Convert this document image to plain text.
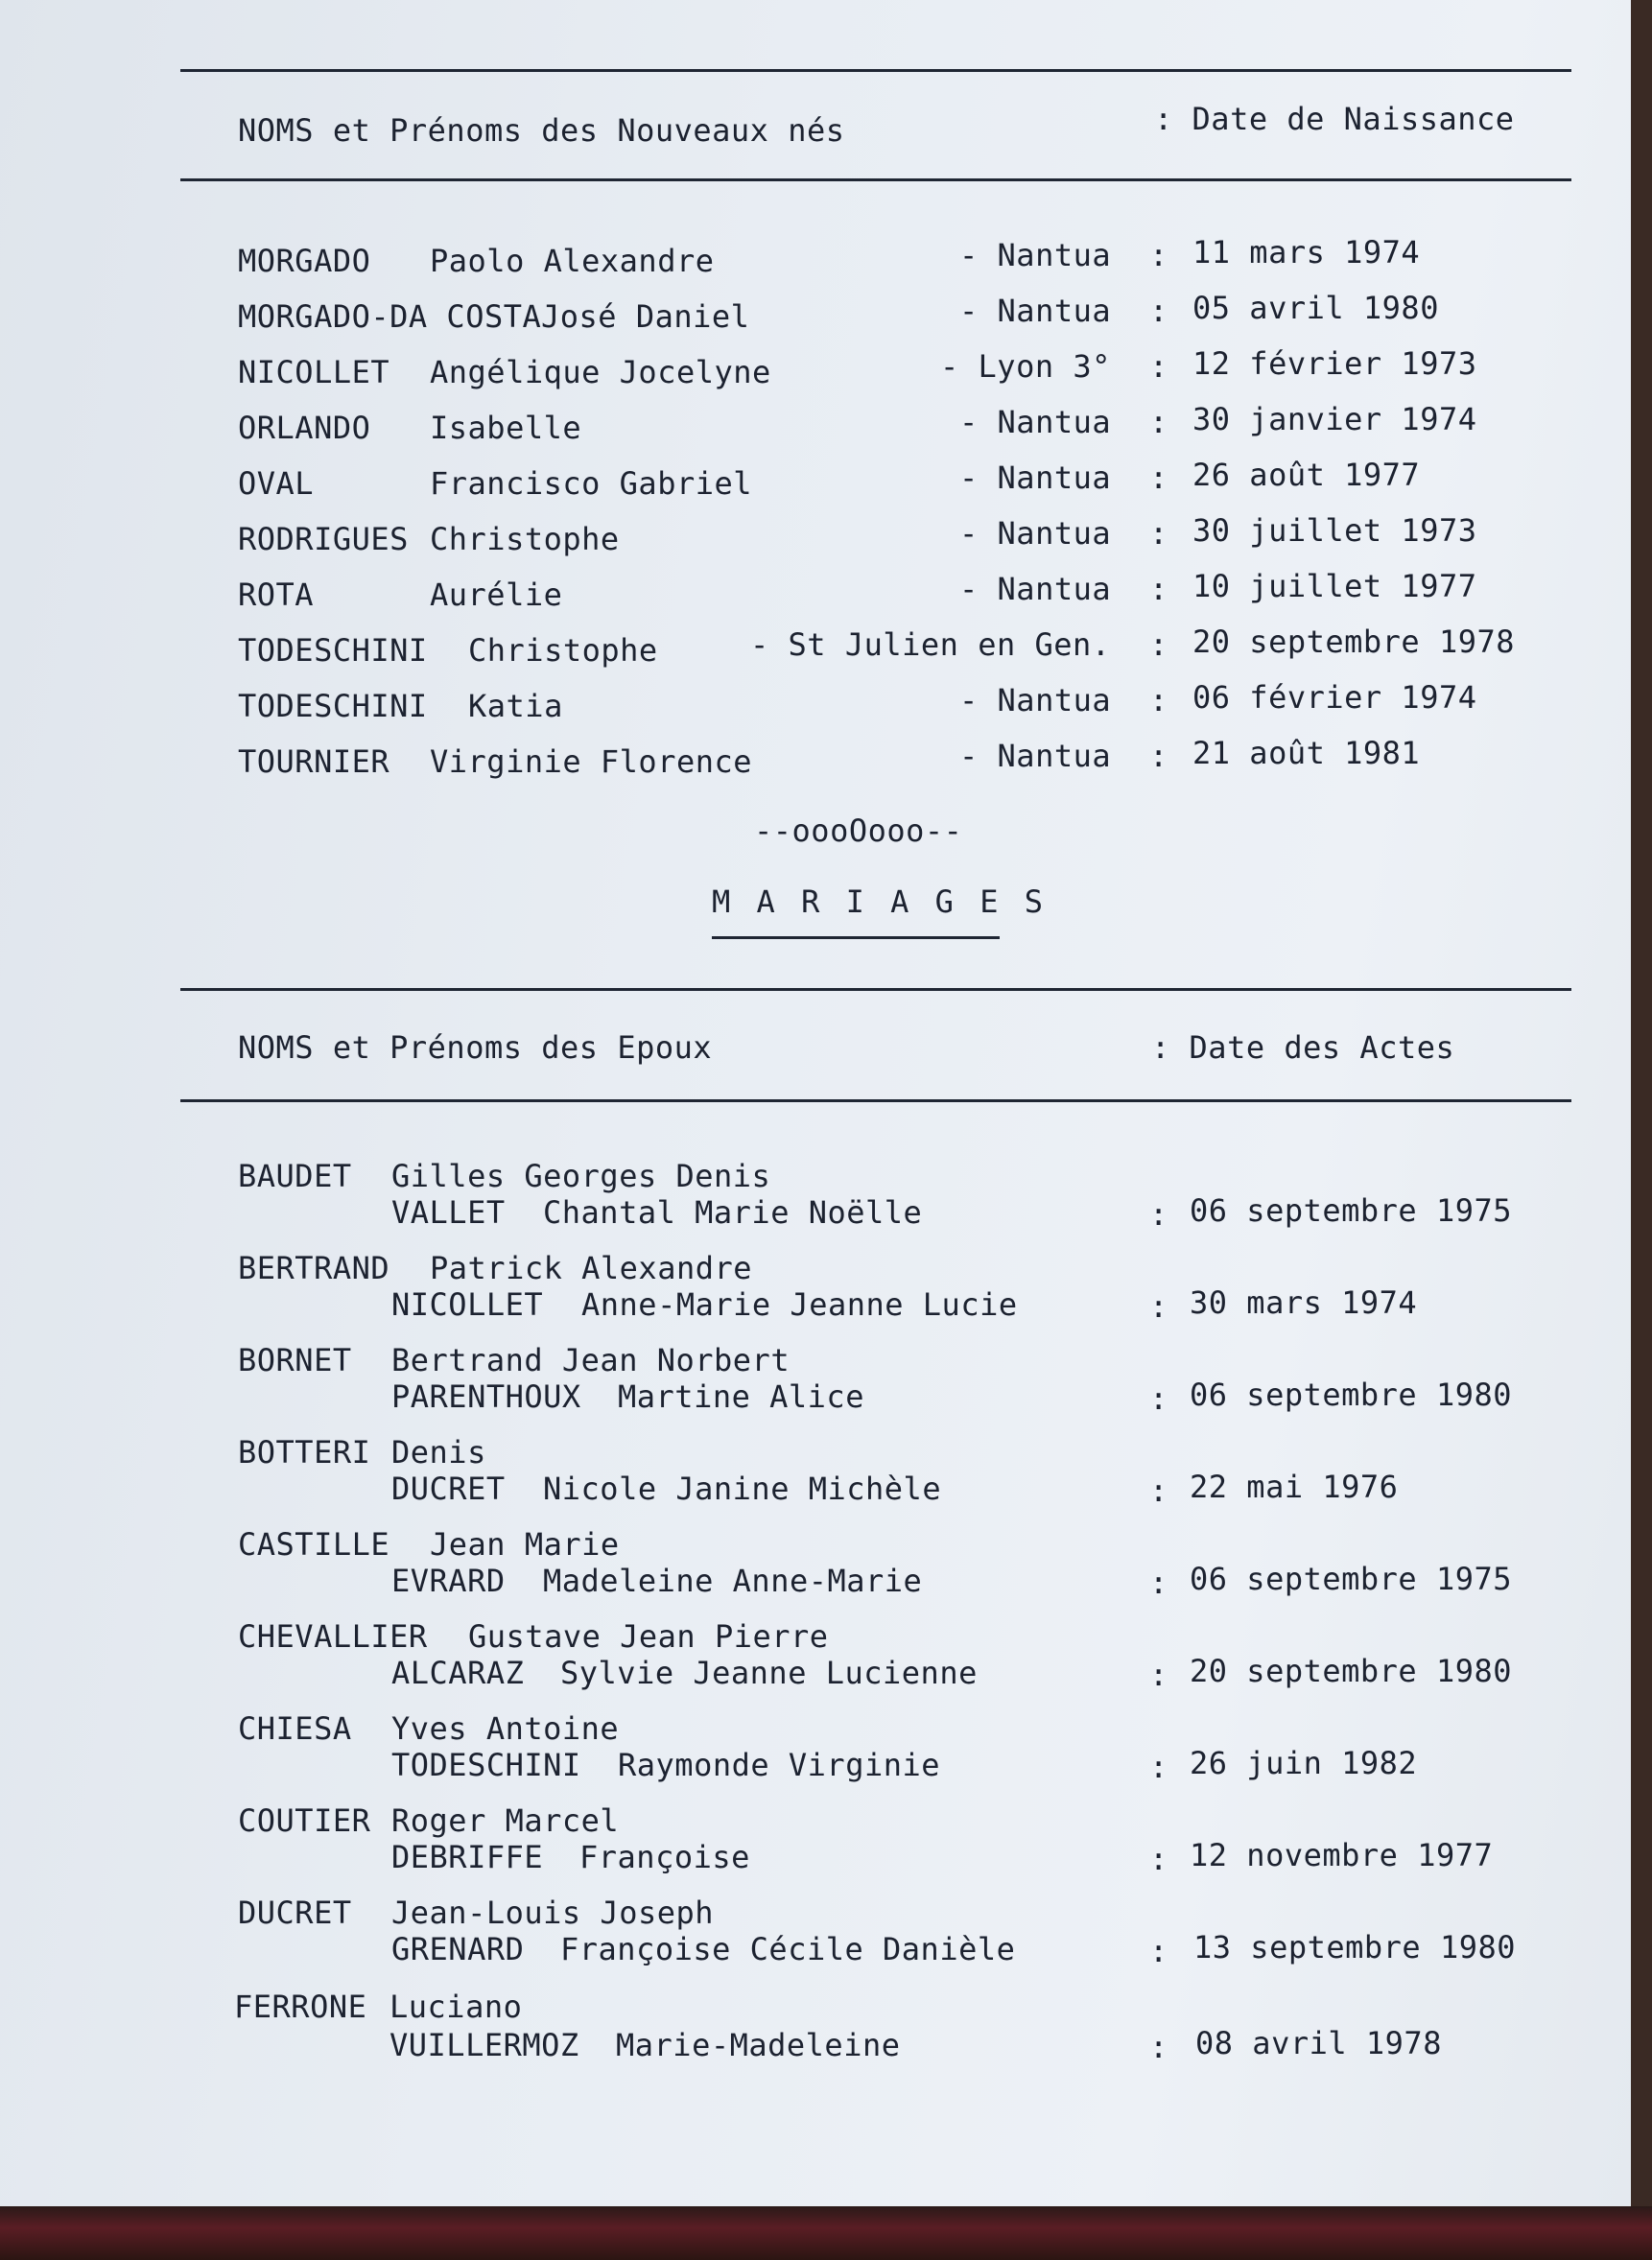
NOMS et Prénoms des Nouveaux nés	: Date de Naissance
MORGADO Paolo Alexandre	- Nantua : 11 mars 1974
MORGADO-DA COSTA José Daniel	- Nantua : 05 avril 1980
NICOLLET Angélique Jocelyne	- Lyon 3° : 12 février 1973
ORLANDO Isabelle	- Nantua : 30 janvier 1974
OVAL	Francisco Gabriel	- Nantua : 26 août 1977
RODRIGUES Christophe	- Nantua : 30 juillet 1973
ROTA	Aurélie	- Nantua : 10 juillet 1977
TODESCHINI Christophe	- St Julien en Gen. : 20 septembre 1978
TODESCHINI Katia	- Nantua : 06 février 1974
TOURNIER Virginie Florence	- Nantua : 21 août 1981
--oooOooo--
M A R I A G E S
NOMS et Prénoms des Epoux	: Date des Actes
BAUDET Gilles Georges Denis
VALLET Chantal Marie Noëlle	: 06 septembre 1975
BERTRAND Patrick Alexandre
NICOLLET Anne-Marie Jeanne Lucie	: 30 mars 1974
BORNET Bertrand Jean Norbert
PARENTHOUX Martine Alice	: 06 septembre 1980
BOTTERI Denis
DUCRET Nicole Janine Michèle	: 22 mai 1976
CASTILLE Jean Marie
EVRARD Madeleine Anne-Marie	: 06 septembre 1975
CHEVALLIER Gustave Jean Pierre
ALCARAZ Sylvie Jeanne Lucienne	: 20 septembre 1980
CHIESA Yves Antoine
TODESCHINI Raymonde Virginie	: 26 juin 1982
COUTIER Roger Marcel
DEBRIFFE Françoise	: 12 novembre 1977
DUCRET Jean-Louis Joseph
GRENARD Françoise Cécile Danièle	: 13 septembre 1980
FERRONE Luciano
VUILLERMOZ Marie-Madeleine	: 08 avril 1978
